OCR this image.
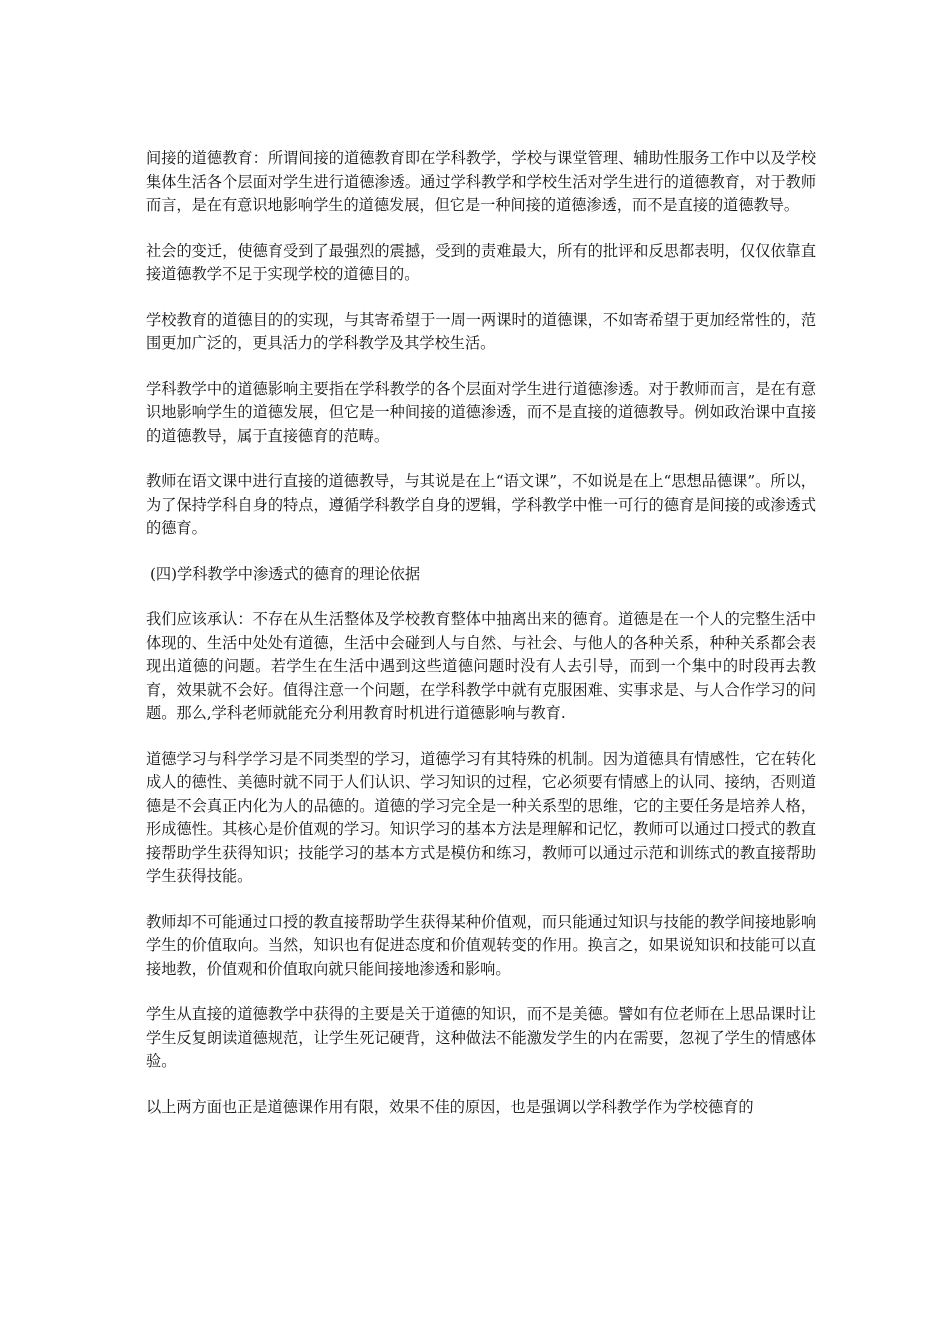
间接的道德教育：所谓间接的道德教育即在学科教学，学校与课堂管理、辅助性服务工作中以及学校集体生活各个层面对学生进行道德渗透。通过学科教学和学校生活对学生进行的道德教育，对于教师而言，是在有意识地影响学生的道德发展，但它是一种间接的道德渗透，而不是直接的道德教导。

社会的变迁，使德育受到了最强烈的震撼，受到的责难最大，所有的批评和反思都表明，仅仅依靠直接道德教学不足于实现学校的道德目的。

学校教育的道德目的的实现，与其寄希望于一周一两课时的道德课，不如寄希望于更加经常性的，范围更加广泛的，更具活力的学科教学及其学校生活。

学科教学中的道德影响主要指在学科教学的各个层面对学生进行道德渗透。对于教师而言，是在有意识地影响学生的道德发展，但它是一种间接的道德渗透，而不是直接的道德教导。例如政治课中直接的道德教导，属于直接德育的范畴。

教师在语文课中进行直接的道德教导，与其说是在上“语文课”，不如说是在上“思想品德课”。所以，为了保持学科自身的特点，遵循学科教学自身的逻辑，学科教学中惟一可行的德育是间接的或渗透式的德育。

(四)学科教学中渗透式的德育的理论依据

我们应该承认：不存在从生活整体及学校教育整体中抽离出来的德育。道德是在一个人的完整生活中体现的、生活中处处有道德，生活中会碰到人与自然、与社会、与他人的各种关系，种种关系都会表现出道德的问题。若学生在生活中遇到这些道德问题时没有人去引导，而到一个集中的时段再去教育，效果就不会好。值得注意一个问题，在学科教学中就有克服困难、实事求是、与人合作学习的问题。那么,学科老师就能充分利用教育时机进行道德影响与教育.

道德学习与科学学习是不同类型的学习，道德学习有其特殊的机制。因为道德具有情感性，它在转化成人的德性、美德时就不同于人们认识、学习知识的过程，它必须要有情感上的认同、接纳，否则道德是不会真正内化为人的品德的。道德的学习完全是一种关系型的思维，它的主要任务是培养人格，形成德性。其核心是价值观的学习。知识学习的基本方法是理解和记忆，教师可以通过口授式的教直接帮助学生获得知识；技能学习的基本方式是模仿和练习，教师可以通过示范和训练式的教直接帮助学生获得技能。

教师却不可能通过口授的教直接帮助学生获得某种价值观，而只能通过知识与技能的教学间接地影响学生的价值取向。当然，知识也有促进态度和价值观转变的作用。换言之，如果说知识和技能可以直接地教，价值观和价值取向就只能间接地渗透和影响。

学生从直接的道德教学中获得的主要是关于道德的知识，而不是美德。譬如有位老师在上思品课时让学生反复朗读道德规范，让学生死记硬背，这种做法不能激发学生的内在需要，忽视了学生的情感体验。

以上两方面也正是道德课作用有限，效果不佳的原因，也是强调以学科教学作为学校德育的
